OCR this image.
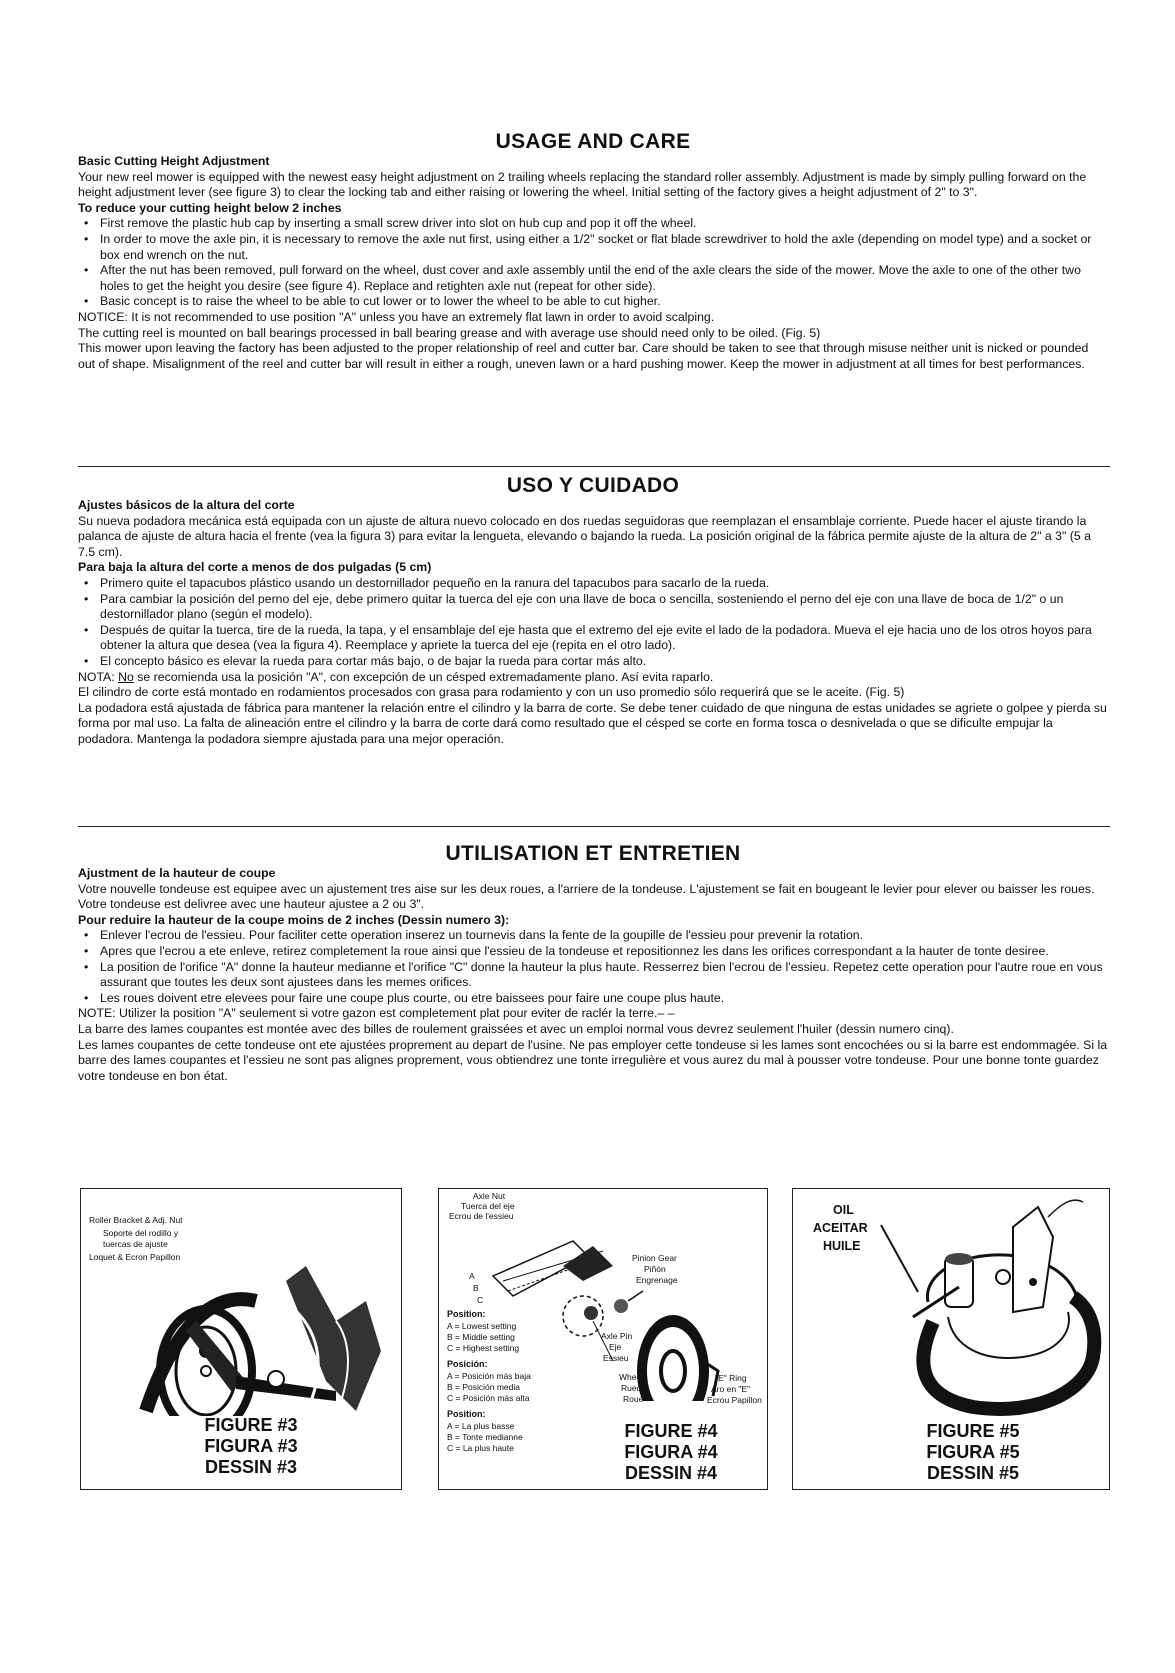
USAGE AND CARE
Basic Cutting Height Adjustment

Your new reel mower is equipped with the newest easy height adjustment on 2 trailing wheels replacing the standard roller assembly. Adjustment is made by simply pulling forward on the height adjustment lever (see figure 3) to clear the locking tab and either raising or lowering the wheel. Initial setting of the factory gives a height adjustment of 2" to 3".

To reduce your cutting height below 2 inches
• First remove the plastic hub cap by inserting a small screw driver into slot on hub cup and pop it off the wheel.
• In order to move the axle pin, it is necessary to remove the axle nut first, using either a 1/2" socket or flat blade screwdriver to hold the axle (depending on model type) and a socket or box end wrench on the nut.
• After the nut has been removed, pull forward on the wheel, dust cover and axle assembly until the end of the axle clears the side of the mower. Move the axle to one of the other two holes to get the height you desire (see figure 4). Replace and retighten axle nut (repeat for other side).
• Basic concept is to raise the wheel to be able to cut lower or to lower the wheel to be able to cut higher.

NOTICE: It is not recommended to use position "A" unless you have an extremely flat lawn in order to avoid scalping.

The cutting reel is mounted on ball bearings processed in ball bearing grease and with average use should need only to be oiled. (Fig. 5)

This mower upon leaving the factory has been adjusted to the proper relationship of reel and cutter bar. Care should be taken to see that through misuse neither unit is nicked or pounded out of shape. Misalignment of the reel and cutter bar will result in either a rough, uneven lawn or a hard pushing mower. Keep the mower in adjustment at all times for best performances.

USO Y CUIDADO
Ajustes básicos de la altura del corte

Su nueva podadora mecánica está equipada con un ajuste de altura nuevo colocado en dos ruedas seguidoras que reemplazan el ensamblaje corriente. Puede hacer el ajuste tirando la palanca de ajuste de altura hacia el frente (vea la figura 3) para evitar la lengueta, elevando o bajando la rueda. La posición original de la fábrica permite ajuste de la altura de 2" a 3" (5 a 7.5 cm).

Para baja la altura del corte a menos de dos pulgadas (5 cm)
• Primero quite el tapacubos plástico usando un destornillador pequeño en la ranura del tapacubos para sacarlo de la rueda.
• Para cambiar la posición del perno del eje, debe primero quitar la tuerca del eje con una llave de boca o sencilla, sosteniendo el perno del eje con una llave de boca de 1/2" o un destornillador plano (según el modelo).
• Después de quitar la tuerca, tire de la rueda, la tapa, y el ensamblaje del eje hasta que el extremo del eje evite el lado de la podadora. Mueva el eje hacia uno de los otros hoyos para obtener la altura que desea (vea la figura 4). Reemplace y apriete la tuerca del eje (repita en el otro lado).
• El concepto básico es elevar la rueda para cortar más bajo, o de bajar la rueda para cortar más alto.

NOTA: No se recomienda usa la posición "A", con excepción de un césped extremadamente plano. Así evita raparlo.

El cilindro de corte está montado en rodamientos procesados con grasa para rodamiento y con un uso promedio sólo requerirá que se le aceite. (Fig. 5)

La podadora está ajustada de fábrica para mantener la relación entre el cilindro y la barra de corte. Se debe tener cuidado de que ninguna de estas unidades se agriete o golpee y pierda su forma por mal uso. La falta de alineación entre el cilindro y la barra de corte dará como resultado que el césped se corte en forma tosca o desnivelada o que se dificulte empujar la podadora. Mantenga la podadora siempre ajustada para una mejor operación.

UTILISATION ET ENTRETIEN
Ajustment de la hauteur de coupe

Votre nouvelle tondeuse est equipee avec un ajustement tres aise sur les deux roues, a l'arriere de la tondeuse. L'ajustement se fait en bougeant le levier pour elever ou baisser les roues. Votre tondeuse est delivree avec une hauteur ajustee a 2 ou 3".

Pour reduire la hauteur de la coupe moins de 2 inches (Dessin numero 3):
• Enlever l'ecrou de l'essieu. Pour faciliter cette operation inserez un tournevis dans la fente de la goupille de l'essieu pour prevenir la rotation.
• Apres que l'ecrou a ete enleve, retirez completement la roue ainsi que l'essieu de la tondeuse et repositionnez les dans les orifices correspondant a la hauter de tonte desiree.
• La position de l'orifice "A" donne la hauteur medianne et l'orifice "C" donne la hauteur la plus haute. Resserrez bien l'ecrou de l'essieu. Repetez cette operation pour l'autre roue en vous assurant que toutes les deux sont ajustees dans les memes orifices.
• Les roues doivent etre elevees pour faire une coupe plus courte, ou etre baissees pour faire une coupe plus haute.

NOTE: Utilizer la position "A" seulement si votre gazon est completement plat pour eviter de raclér la terre.– –

La barre des lames coupantes est montée avec des billes de roulement graissées et avec un emploi normal vous devrez seulement l'huiler (dessin numero cinq).

Les lames coupantes de cette tondeuse ont ete ajustées proprement au depart de l'usine. Ne pas employer cette tondeuse si les lames sont encochées ou si la barre est endommagée. Si la barre des lames coupantes et l'essieu ne sont pas alignes proprement, vous obtiendrez une tonte irregulière et vous aurez du mal à pousser votre tondeuse. Pour une bonne tonte guardez votre tondeuse en bon état.

Roller Bracket & Adj. Nut
Soporte del rodillo y
tuercas de ajuste
Loquet & Ecron Papillon
FIGURE #3
FIGURA #3
DESSIN #3
Axle Nut
Tuerca del eje
Ecrou de l'essieu
Pinion Gear
Piñón
Engrenage
A
B
C
Position:
A = Lowest setting
B = Middle setting
C = Highest setting
Posición:
A = Posición más baja
B = Posición media
C = Posición más alta
Position:
A = La plus basse
B = Tonte medianne
C = La plus haute
Axle Pin
Eje
Essieu
Wheel
Rueda
Roue
"E" Ring
Aro en "E"
Ecrou Papillon
FIGURE #4
FIGURA #4
DESSIN #4
OIL
ACEITAR
HUILE
FIGURE #5
FIGURA #5
DESSIN #5
